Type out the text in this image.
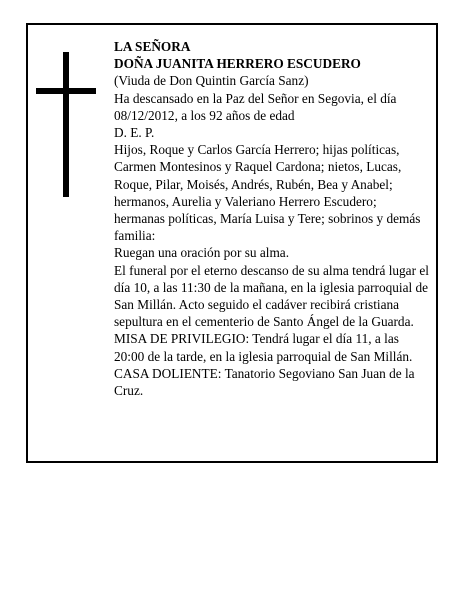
LA SEÑORA

DOÑA JUANITA HERRERO ESCUDERO

(Viuda de Don Quintin García Sanz)

Ha descansado en la Paz del Señor en Segovia, el día 08/12/2012, a los 92 años de edad

D. E. P.

Hijos, Roque y Carlos García Herrero; hijas políticas, Carmen Montesinos y Raquel Cardona; nietos, Lucas, Roque, Pilar, Moisés, Andrés, Rubén, Bea y Anabel; hermanos, Aurelia y Valeriano Herrero Escudero; hermanas políticas, María Luisa y Tere; sobrinos y demás familia:

Ruegan una oración por su alma.

El funeral por el eterno descanso de su alma tendrá lugar el día 10, a las 11:30 de la mañana, en la iglesia parroquial de San Millán. Acto seguido el cadáver recibirá cristiana sepultura en el cementerio de Santo Ángel de la Guarda.

MISA DE PRIVILEGIO: Tendrá lugar el día 11, a las 20:00 de la tarde, en la iglesia parroquial de San Millán.

CASA DOLIENTE: Tanatorio Segoviano San Juan de la Cruz.
